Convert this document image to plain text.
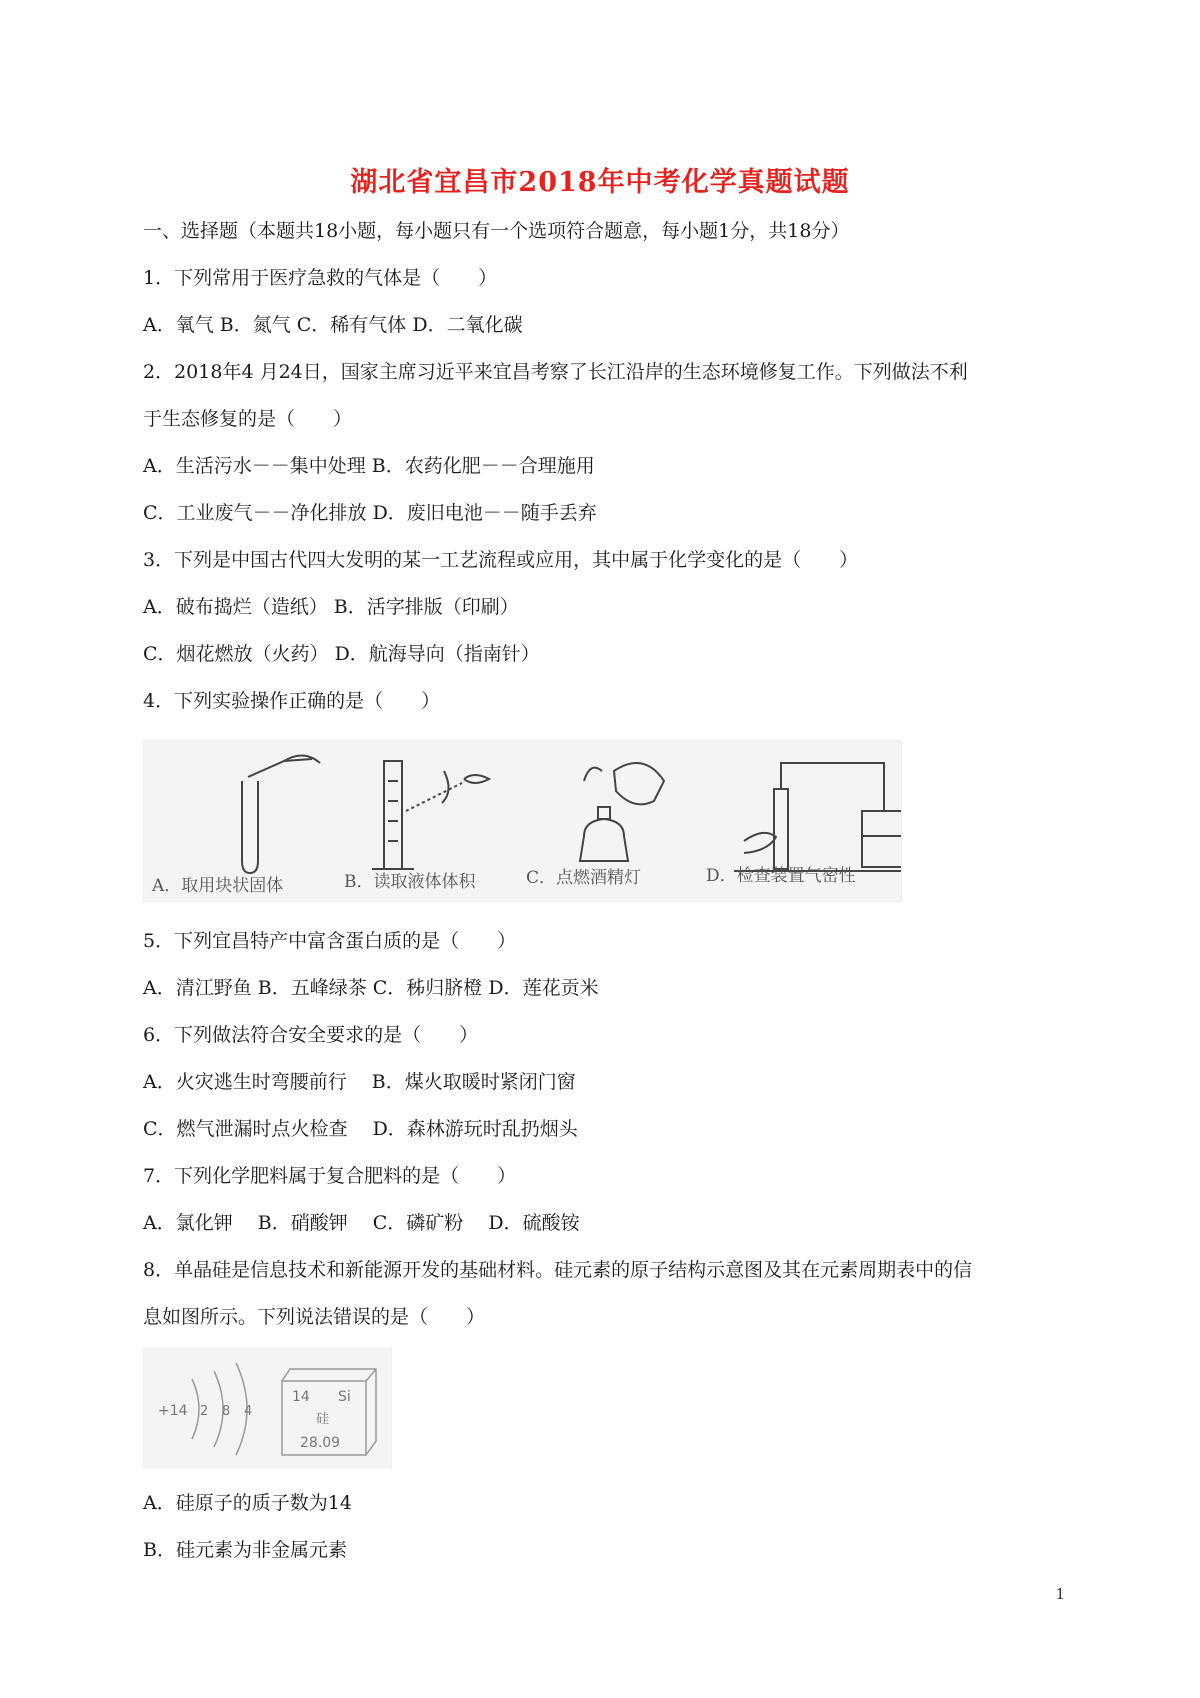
湖北省宜昌市2018年中考化学真题试题
一、选择题（本题共18小题，每小题只有一个选项符合题意，每小题1分，共18分）
1．下列常用于医疗急救的气体是（　　）
A．氧气 B．氮气 C．稀有气体 D．二氧化碳
2．2018年4 月24日，国家主席习近平来宜昌考察了长江沿岸的生态环境修复工作。下列做法不利
于生态修复的是（　　）
A．生活污水－－集中处理 B．农药化肥－－合理施用
C．工业废气－－净化排放 D．废旧电池－－随手丢弃
3．下列是中国古代四大发明的某一工艺流程或应用，其中属于化学变化的是（　　）
A．破布捣烂（造纸） B．活字排版（印刷）
C．烟花燃放（火药） D．航海导向（指南针）
4．下列实验操作正确的是（　　）
A．取用块状固体	B．读取液体体积	C．点燃酒精灯	D．检查装置气密性
5．下列宜昌特产中富含蛋白质的是（　　）
A．清江野鱼 B．五峰绿茶 C．秭归脐橙 D．莲花贡米
6．下列做法符合安全要求的是（　　）
A．火灾逃生时弯腰前行　 B．煤火取暖时紧闭门窗
C．燃气泄漏时点火检查　 D．森林游玩时乱扔烟头
7．下列化学肥料属于复合肥料的是（　　）
A．氯化钾　 B．硝酸钾　 C．磷矿粉　 D．硫酸铵
8．单晶硅是信息技术和新能源开发的基础材料。硅元素的原子结构示意图及其在元素周期表中的信
息如图所示。下列说法错误的是（　　）
+14 2 8 4
14 Si
硅
28.09
A．硅原子的质子数为14
B．硅元素为非金属元素
1
